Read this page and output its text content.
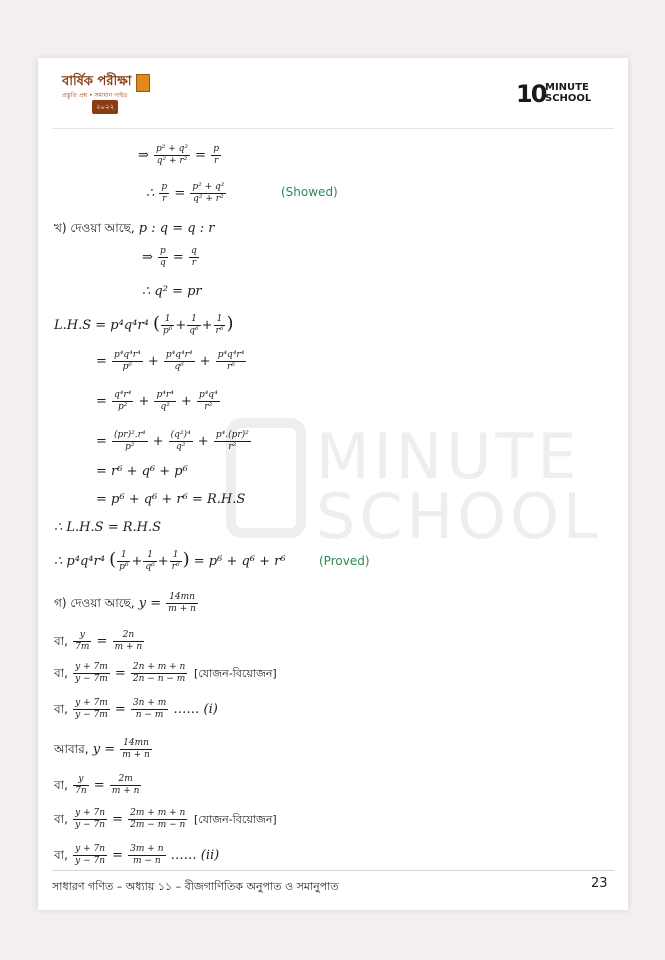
বার্ষিক পরীক্ষা
প্রস্তুতি প্রশ্ন • সমাধান গাইড
২০২২	10 MINUTE
SCHOOL
MINUTE
SCHOOL
⇒ $\frac{\text{p² + q²}}{\text{q² + r²}} = \frac{p}{r}$
∴ $\frac{p}{r} = \frac{\text{p² + q²}}{\text{q² + r²}}$	(Showed)
খ) দেওয়া আছে, p : q = q : r
⇒ $\frac{p}{q} = \frac{q}{r}$
∴ q² = pr
L.H.S = p⁴q⁴r⁴ ( $\frac{1}{\text{p⁶}} + \frac{1}{\text{q⁶}} + \frac{1}{\text{r⁶}}$ )
= $\frac{\text{p⁴q⁴r⁴}}{\text{p⁶}} + \frac{\text{p⁴q⁴r⁴}}{\text{q⁶}} + \frac{\text{p⁴q⁴r⁴}}{\text{r⁶}}$
= $\frac{\text{q⁴r⁴}}{\text{p²}} + \frac{\text{p⁴r⁴}}{\text{q²}} + \frac{\text{p⁴q⁴}}{\text{r²}}$
= $\frac{\text{(pr)².r⁴}}{\text{p²}} + \frac{\text{(q²)⁴}}{\text{q²}} + \frac{\text{p⁴.(pr)²}}{\text{r²}}$
= r⁶ + q⁶ + p⁶
= p⁶ + q⁶ + r⁶ = R.H.S
∴ L.H.S = R.H.S
∴ p⁴q⁴r⁴ ( $\frac{1}{\text{p⁶}} + \frac{1}{\text{q⁶}} + \frac{1}{\text{r⁶}}$ ) = p⁶ + q⁶ + r⁶	(Proved)
গ) দেওয়া আছে, $y = \frac{14mn}{m + n}$
বা, $\frac{y}{7m} = \frac{2n}{m + n}$
বা, $\frac{y + 7m}{y - 7m} = \frac{2n + m + n}{2n - n - m}$ [যোজন-বিয়োজন]
বা, $\frac{y + 7m}{y - 7m} = \frac{3n + m}{n - m}$ …… (i)
আবার, $y = \frac{14mn}{m + n}$
বা, $\frac{y}{7n} = \frac{2m}{m + n}$
বা, $\frac{y + 7n}{y - 7n} = \frac{2m + m + n}{2m - m - n}$ [যোজন-বিয়োজন]
বা, $\frac{y + 7n}{y - 7n} = \frac{3m + n}{m - n}$ …… (ii)
সাধারণ গণিত – অধ্যায় ১১ – বীজগাণিতিক অনুপাত ও সমানুপাত	23
